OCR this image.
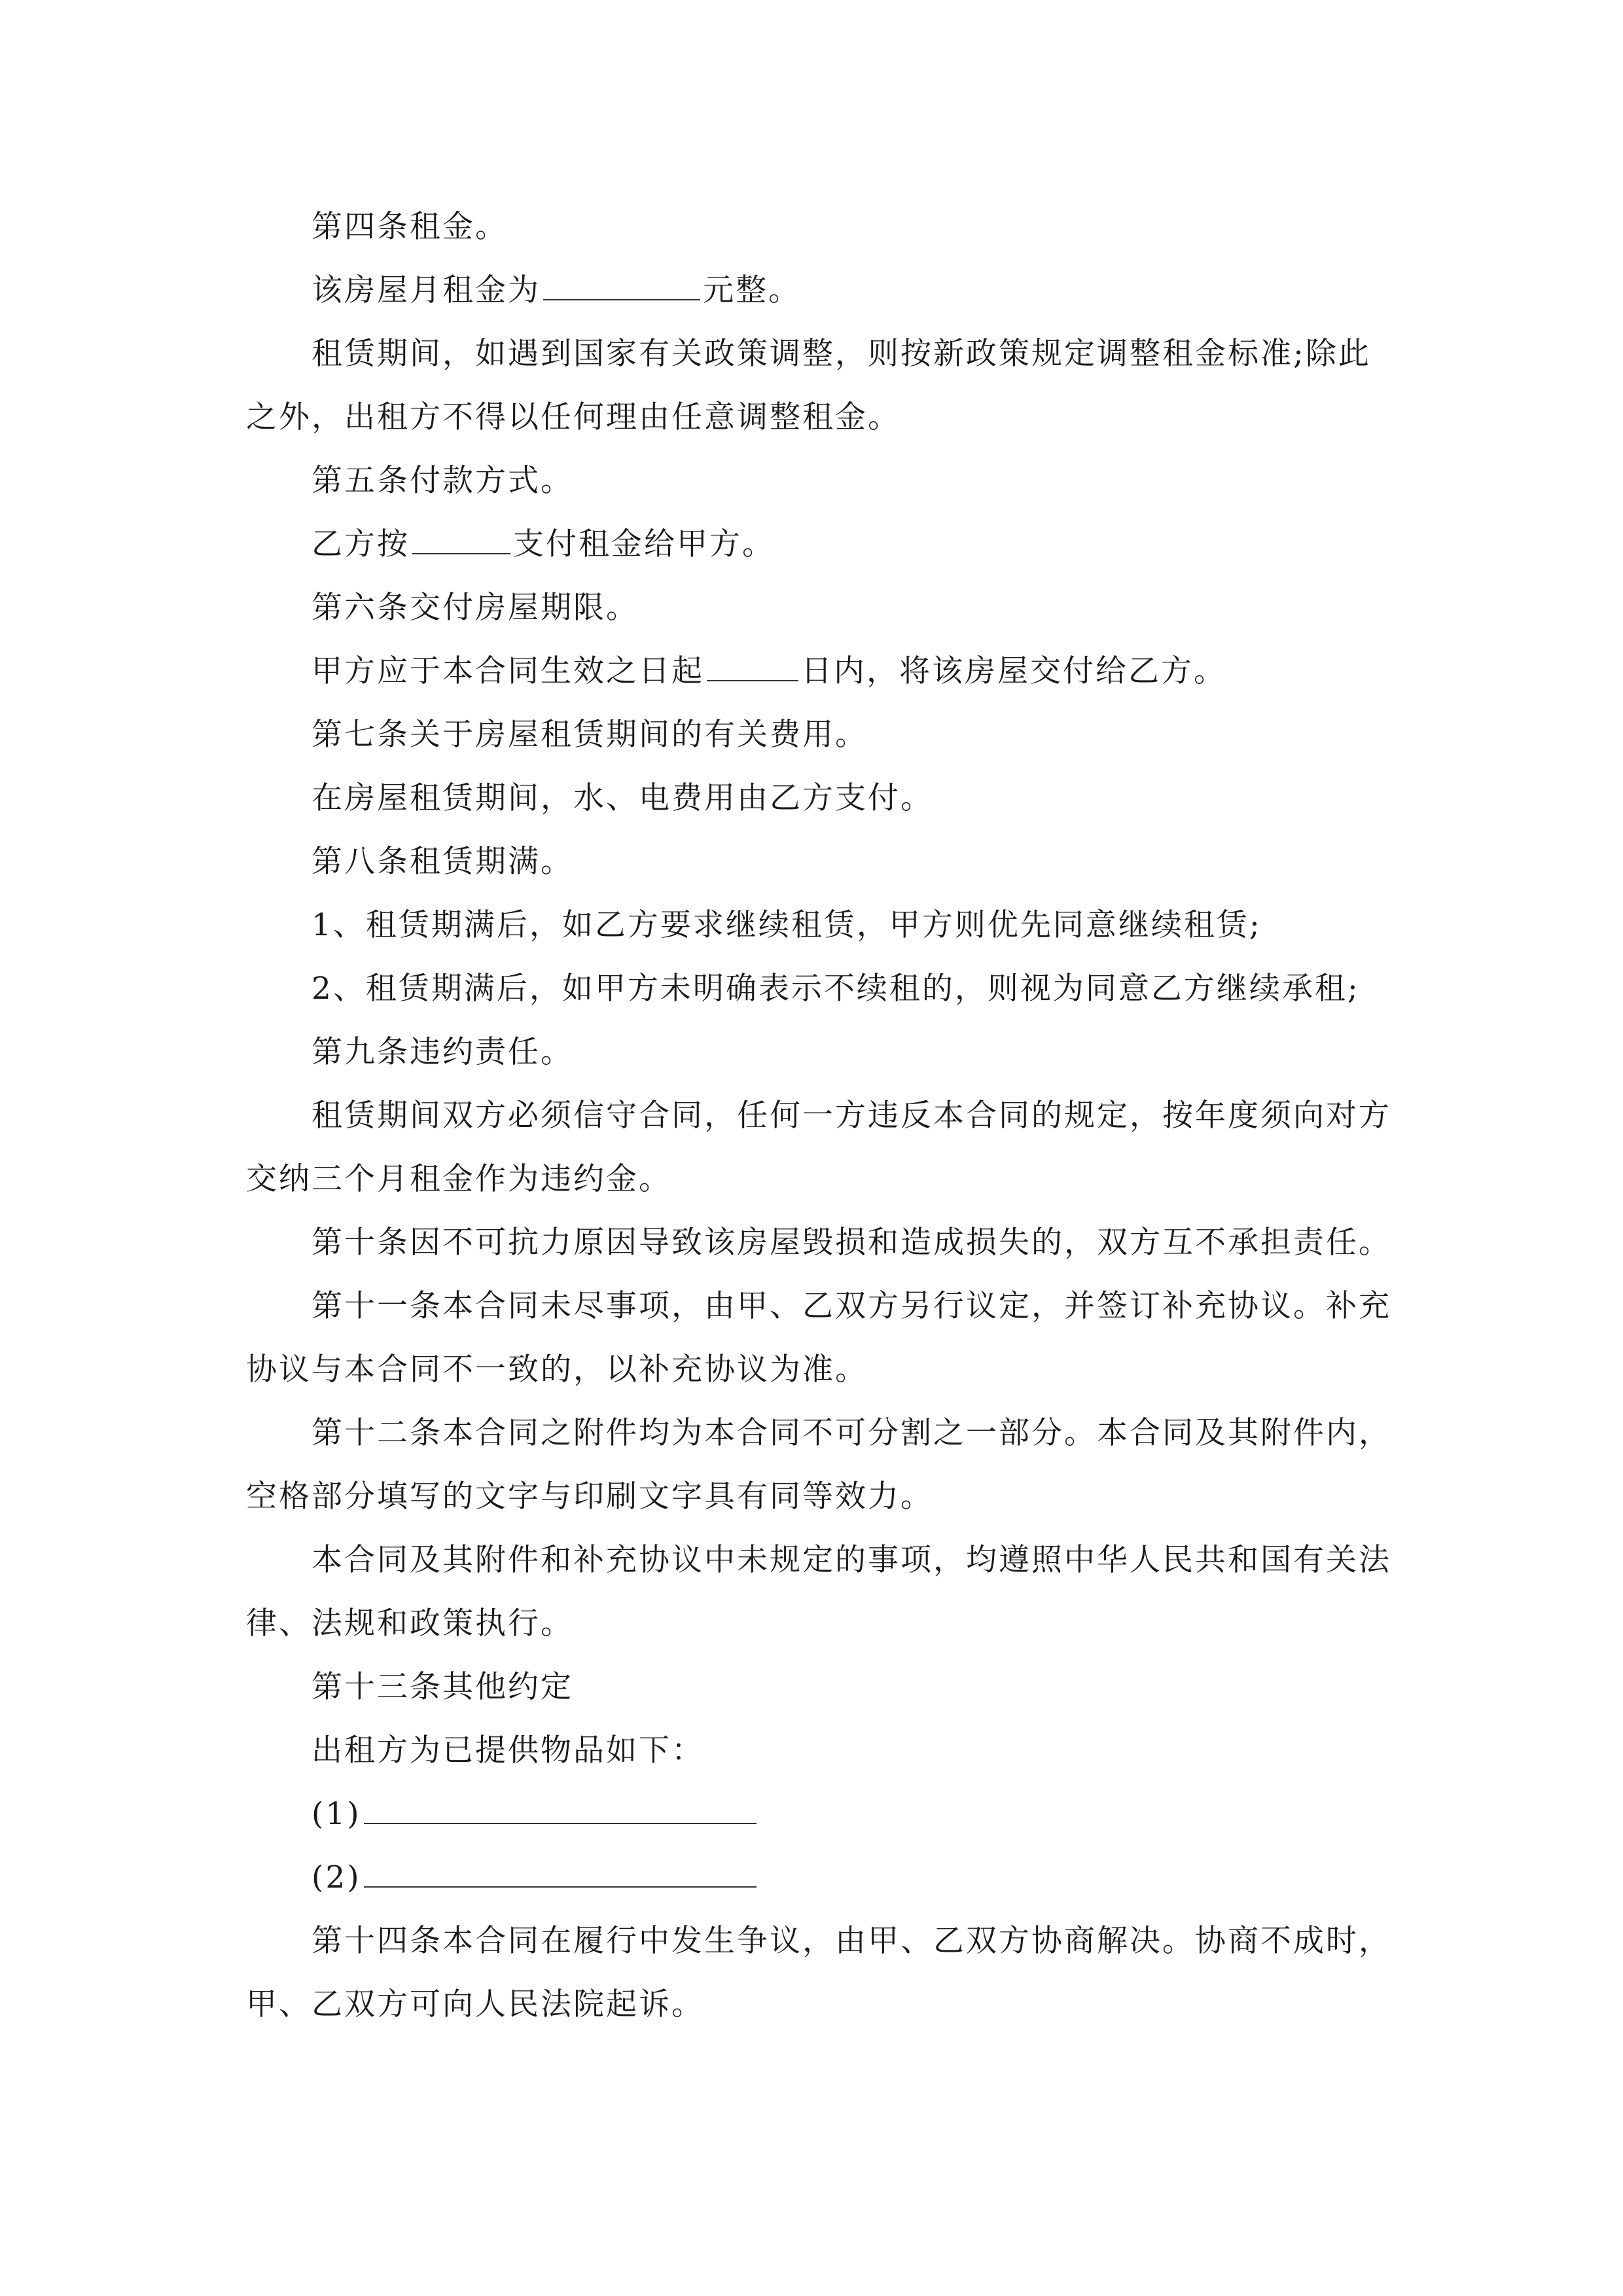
第四条租金。
该房屋月租金为	元整。
租赁期间，如遇到国家有关政策调整，则按新政策规定调整租金标准;除此
之外，出租方不得以任何理由任意调整租金。
第五条付款方式。
乙方按	支付租金给甲方。
第六条交付房屋期限。
甲方应于本合同生效之日起	日内，将该房屋交付给乙方。
第七条关于房屋租赁期间的有关费用。
在房屋租赁期间，水、电费用由乙方支付。
第八条租赁期满。
1、租赁期满后，如乙方要求继续租赁，甲方则优先同意继续租赁;
2、租赁期满后，如甲方未明确表示不续租的，则视为同意乙方继续承租;
第九条违约责任。
租赁期间双方必须信守合同，任何一方违反本合同的规定，按年度须向对方
交纳三个月租金作为违约金。
第十条因不可抗力原因导致该房屋毁损和造成损失的，双方互不承担责任。
第十一条本合同未尽事项，由甲、乙双方另行议定，并签订补充协议。补充
协议与本合同不一致的，以补充协议为准。
第十二条本合同之附件均为本合同不可分割之一部分。本合同及其附件内，
空格部分填写的文字与印刷文字具有同等效力。
本合同及其附件和补充协议中未规定的事项，均遵照中华人民共和国有关法
律、法规和政策执行。
第十三条其他约定
出租方为已提供物品如下：
(1)
(2)
第十四条本合同在履行中发生争议，由甲、乙双方协商解决。协商不成时，
甲、乙双方可向人民法院起诉。
